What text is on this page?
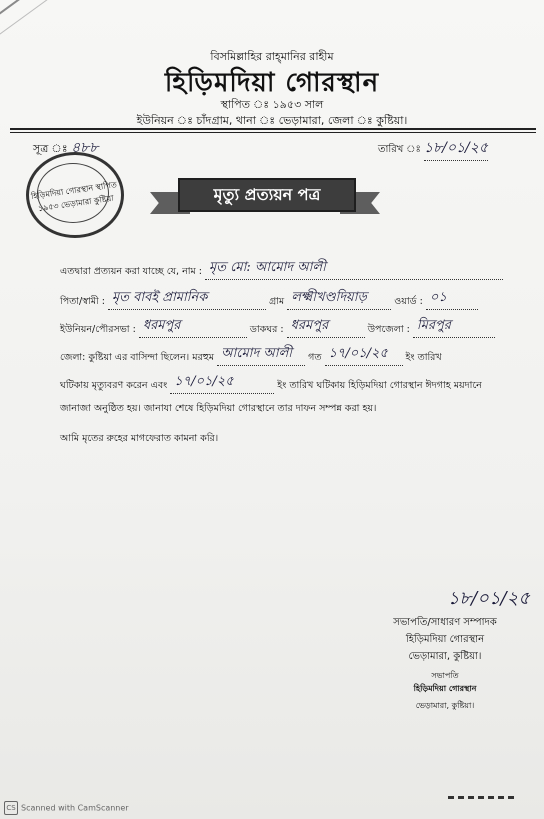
বিসমিল্লাহির রাহ্‌মানির রাহীম
হিড়িমদিয়া গোরস্থান
স্থাপিত ঃ ১৯৫৩ সাল
ইউনিয়ন ঃ চাঁদগ্রাম, থানা ঃ ভেড়ামারা, জেলা ঃ কুষ্টিয়া।
সূত্র ঃ ৪৮৮	তারিখ ঃ ১৮/০১/২৫
হিড়িমদিয়া গোরস্থান স্থাপিত ১৯৫৩ ভেড়ামারা কুষ্টিয়া	মৃত্যু প্রত্যয়ন পত্র
এতদ্বারা প্রত্যয়ন করা যাচ্ছে যে, নাম : মৃত মো: আমোদ আলী
পিতা/স্বামী : মৃত বাবই প্রামানিক	গ্রাম লক্ষ্মীখণ্ডদিয়াড়	ওয়ার্ড : ০১
ইউনিয়ন/পৌরসভা : ধরমপুর	ডাকঘর : ধরমপুর	উপজেলা : মিরপুর
জেলা: কুষ্টিয়া এর বাসিন্দা ছিলেন। মরহুম আমোদ আলী গত ১৭/০১/২৫ ইং তারিখ
ঘটিকায় মৃত্যুবরণ করেন এবং ১৭/০১/২৫	ইং তারিখ ঘটিকায় হিড়িমদিয়া গোরস্থান ঈদগাহ ময়দানে
জানাজা অনুষ্ঠিত হয়। জানাযা শেষে হিড়িমদিয়া গোরস্থানে তার দাফন সম্পন্ন করা হয়।
আমি মৃতের রুহের মাগফেরাত কামনা করি।
১৮/০১/২৫
সভাপতি/সাধারণ সম্পাদক
হিড়িমদিয়া গোরস্থান
ভেড়ামারা, কুষ্টিয়া।
সভাপতি
হিড়িমদিয়া গোরস্থান
ভেড়ামারা, কুষ্টিয়া।
CS Scanned with CamScanner
